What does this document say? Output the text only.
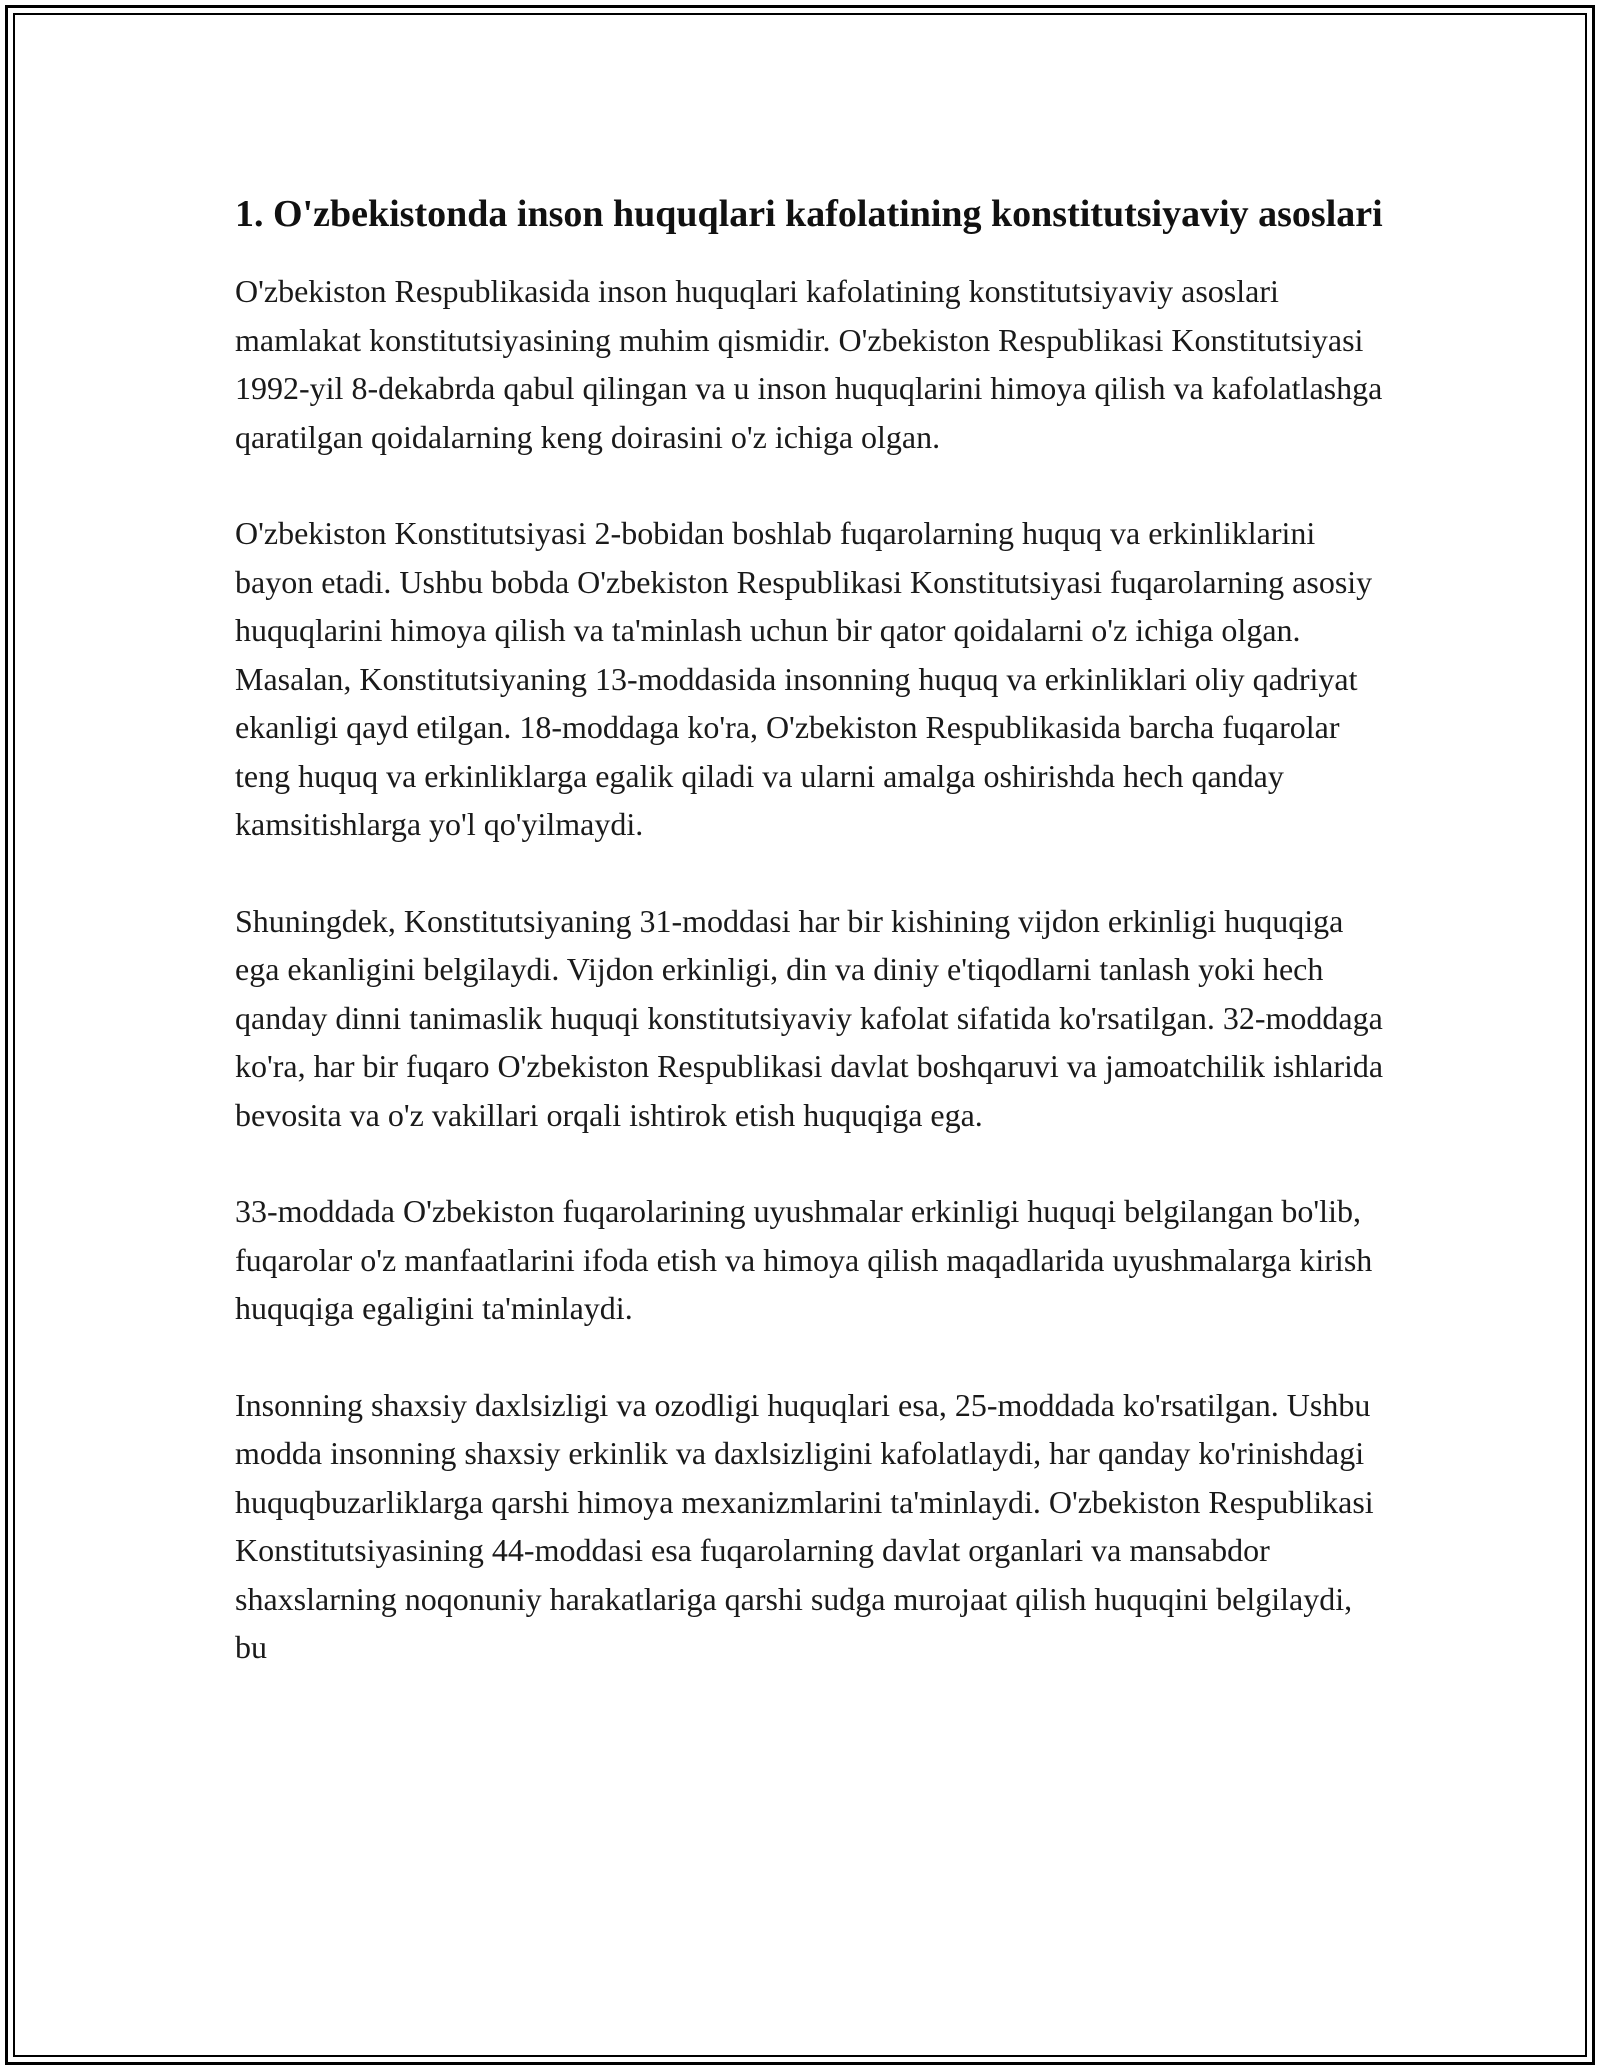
1. O'zbekistonda inson huquqlari kafolatining konstitutsiyaviy asoslari

O'zbekiston Respublikasida inson huquqlari kafolatining konstitutsiyaviy asoslari mamlakat konstitutsiyasining muhim qismidir. O'zbekiston Respublikasi Konstitutsiyasi 1992-yil 8-dekabrda qabul qilingan va u inson huquqlarini himoya qilish va kafolatlashga qaratilgan qoidalarning keng doirasini o'z ichiga olgan.

O'zbekiston Konstitutsiyasi 2-bobidan boshlab fuqarolarning huquq va erkinliklarini bayon etadi. Ushbu bobda O'zbekiston Respublikasi Konstitutsiyasi fuqarolarning asosiy huquqlarini himoya qilish va ta'minlash uchun bir qator qoidalarni o'z ichiga olgan. Masalan, Konstitutsiyaning 13-moddasida insonning huquq va erkinliklari oliy qadriyat ekanligi qayd etilgan. 18-moddaga ko'ra, O'zbekiston Respublikasida barcha fuqarolar teng huquq va erkinliklarga egalik qiladi va ularni amalga oshirishda hech qanday kamsitishlarga yo'l qo'yilmaydi.

Shuningdek, Konstitutsiyaning 31-moddasi har bir kishining vijdon erkinligi huquqiga ega ekanligini belgilaydi. Vijdon erkinligi, din va diniy e'tiqodlarni tanlash yoki hech qanday dinni tanimaslik huquqi konstitutsiyaviy kafolat sifatida ko'rsatilgan. 32-moddaga ko'ra, har bir fuqaro O'zbekiston Respublikasi davlat boshqaruvi va jamoatchilik ishlarida bevosita va o'z vakillari orqali ishtirok etish huquqiga ega.

33-moddada O'zbekiston fuqarolarining uyushmalar erkinligi huquqi belgilangan bo'lib, fuqarolar o'z manfaatlarini ifoda etish va himoya qilish maqadlarida uyushmalarga kirish huquqiga egaligini ta'minlaydi.

Insonning shaxsiy daxlsizligi va ozodligi huquqlari esa, 25-moddada ko'rsatilgan. Ushbu modda insonning shaxsiy erkinlik va daxlsizligini kafolatlaydi, har qanday ko'rinishdagi huquqbuzarliklarga qarshi himoya mexanizmlarini ta'minlaydi. O'zbekiston Respublikasi Konstitutsiyasining 44-moddasi esa fuqarolarning davlat organlari va mansabdor shaxslarning noqonuniy harakatlariga qarshi sudga murojaat qilish huquqini belgilaydi, bu
